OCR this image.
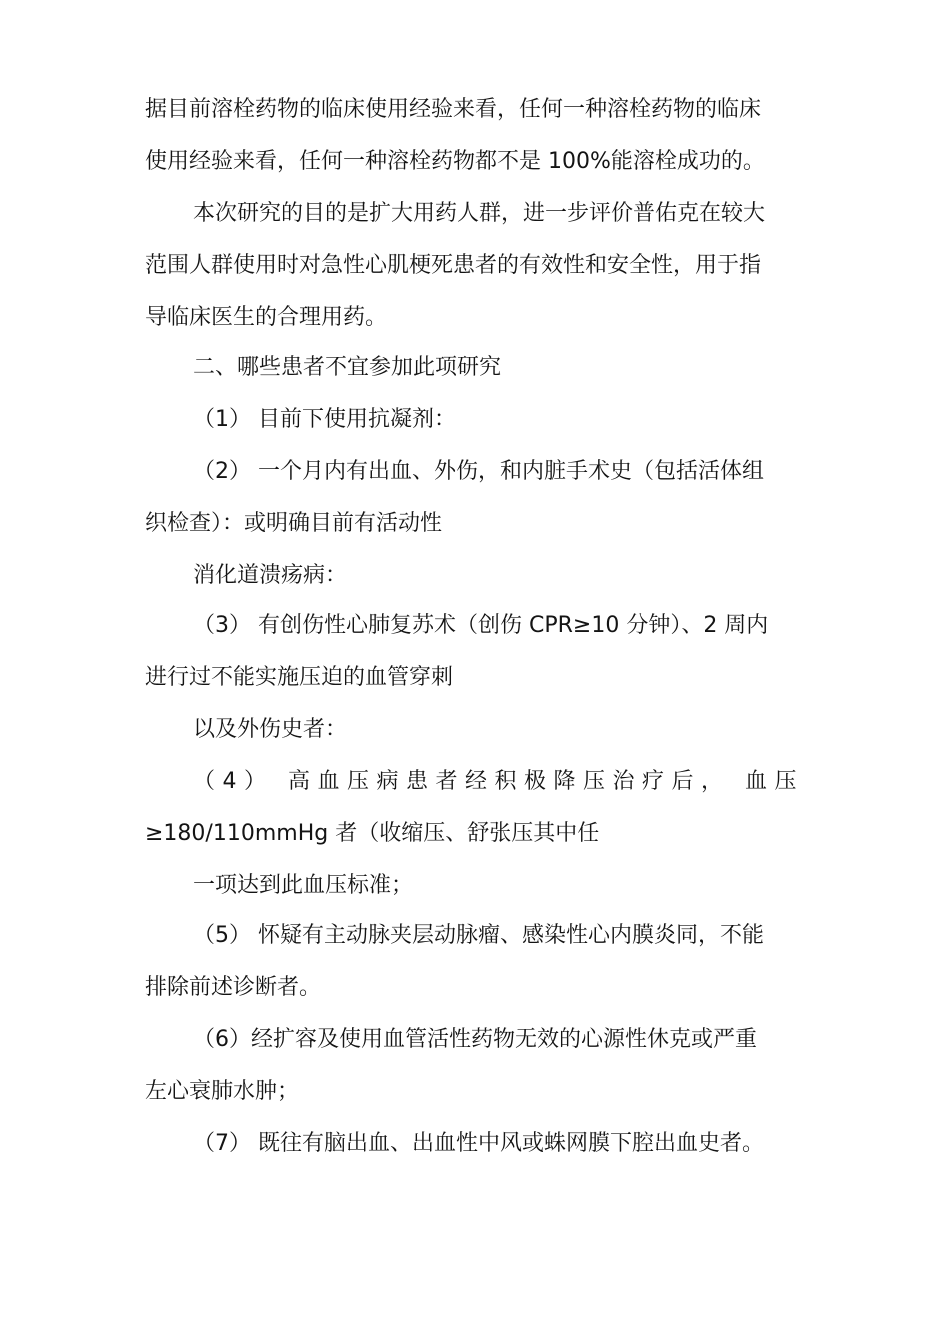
据目前溶栓药物的临床使用经验来看，任何一种溶栓药物的临床
使用经验来看，任何一种溶栓药物都不是 100%能溶栓成功的。
本次研究的目的是扩大用药人群，进一步评价普佑克在较大
范围人群使用时对急性心肌梗死患者的有效性和安全性，用于指
导临床医生的合理用药。
二、哪些患者不宜参加此项研究
（1） 目前下使用抗凝剂：
（2） 一个月内有出血、外伤，和内脏手术史（包括活体组
织检查）：或明确目前有活动性
消化道溃疡病：
（3） 有创伤性心肺复苏术（创伤 CPR≥10 分钟）、2 周内
进行过不能实施压迫的血管穿刺
以及外伤史者：
（4） 高血压病患者经积极降压治疗后， 血压
≥180/110mmHg 者（收缩压、舒张压其中任
一项达到此血压标准；
（5） 怀疑有主动脉夹层动脉瘤、感染性心内膜炎同，不能
排除前述诊断者。
（6）经扩容及使用血管活性药物无效的心源性休克或严重
左心衰肺水肿；
（7） 既往有脑出血、出血性中风或蛛网膜下腔出血史者。
